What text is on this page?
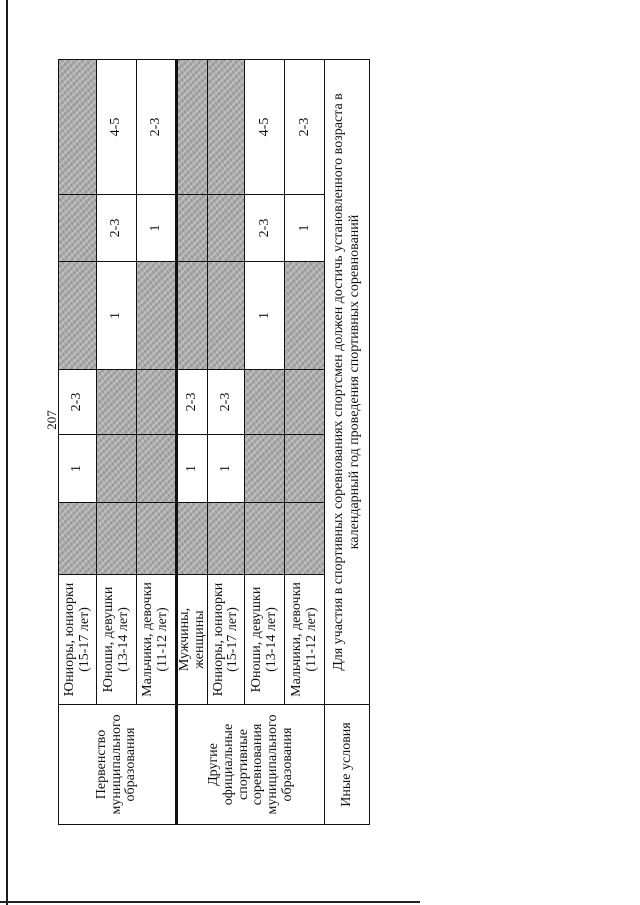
207
Первенство муниципального образования	Юниоры, юниорки (15-17 лет)		1	2-3			
	Юноши, девушки (13-14 лет)				1	2-3	4-5
	Мальчики, девочки (11-12 лет)					1	2-3
Другие официальные спортивные соревнования муниципального образования	Мужчины, женщины		1	2-3			
	Юниоры, юниорки (15-17 лет)		1	2-3			
	Юноши, девушки (13-14 лет)				1	2-3	4-5
	Мальчики, девочки (11-12 лет)					1	2-3
Иные условия	Для участия в спортивных соревнованиях спортсмен должен достичь установленного возраста в календарный год проведения спортивных соревнований						
